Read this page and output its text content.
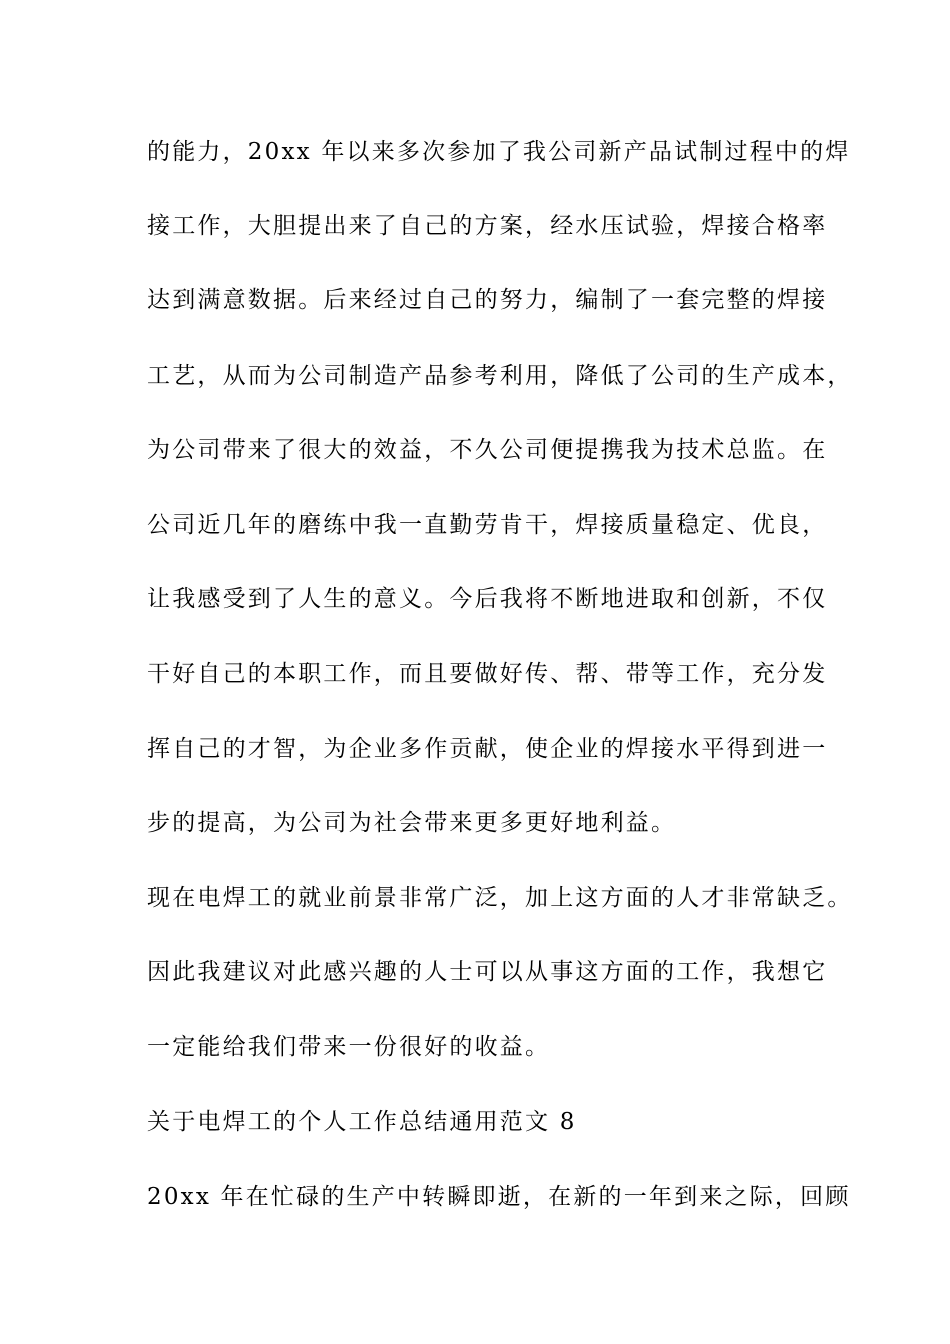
的能力，20xx 年以来多次参加了我公司新产品试制过程中的焊
接工作，大胆提出来了自己的方案，经水压试验，焊接合格率
达到满意数据。后来经过自己的努力，编制了一套完整的焊接
工艺，从而为公司制造产品参考利用，降低了公司的生产成本，
为公司带来了很大的效益，不久公司便提携我为技术总监。在
公司近几年的磨练中我一直勤劳肯干，焊接质量稳定、优良，
让我感受到了人生的意义。今后我将不断地进取和创新，不仅
干好自己的本职工作，而且要做好传、帮、带等工作，充分发
挥自己的才智，为企业多作贡献，使企业的焊接水平得到进一
步的提高，为公司为社会带来更多更好地利益。
现在电焊工的就业前景非常广泛，加上这方面的人才非常缺乏。
因此我建议对此感兴趣的人士可以从事这方面的工作，我想它
一定能给我们带来一份很好的收益。
关于电焊工的个人工作总结通用范文 8
20xx 年在忙碌的生产中转瞬即逝，在新的一年到来之际，回顾
